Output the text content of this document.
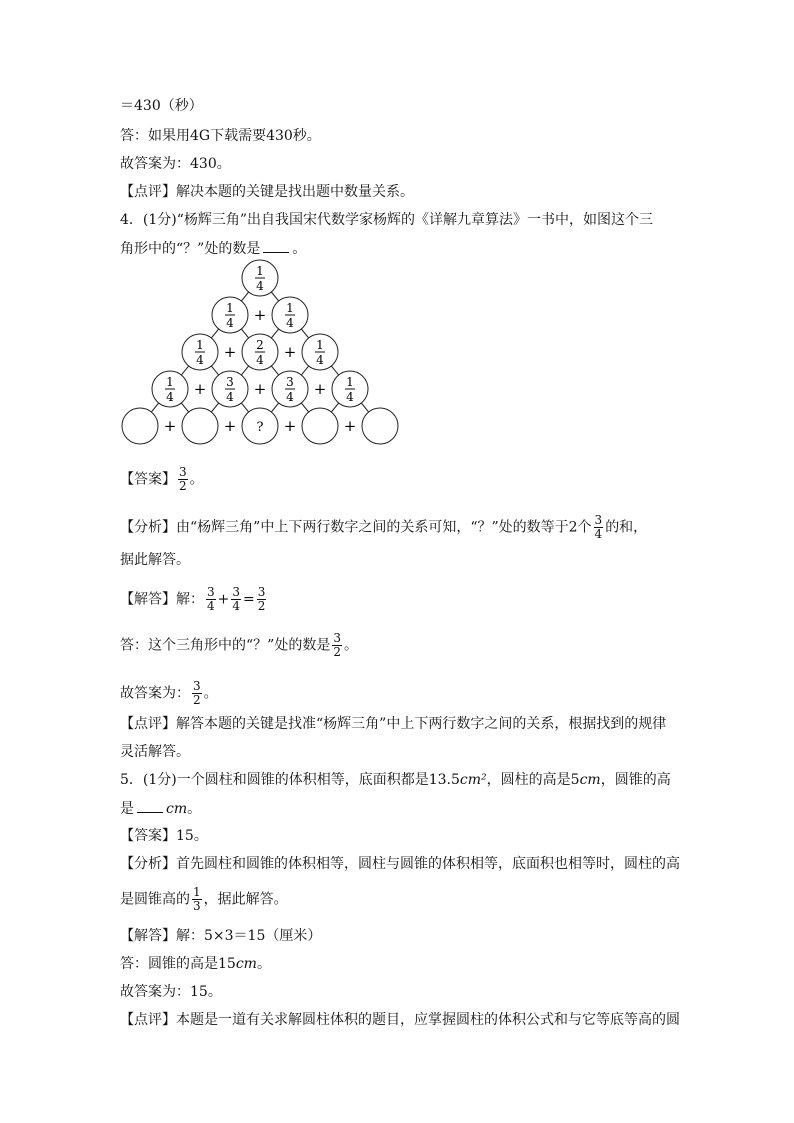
＝430（秒）
答：如果用4G下载需要430秒。
故答案为：430。
【点评】解决本题的关键是找出题中数量关系。
4．(1分)“杨辉三角”出自我国宋代数学家杨辉的《详解九章算法》一书中，如图这个三
角形中的“？”处的数是 。
1
4
1
4 + 1
4
1
4 + 2
4 + 1
4
1
4 + 3
4 + 3
4 + 1
4
+	+ ? +	+
【答案】 $\frac{3}{2}$ 。
【分析】由“杨辉三角”中上下两行数字之间的关系可知，“？”处的数等于2个 $\frac{3}{4}$ 的和，
据此解答。
【解答】解： $\frac{3}{4} + \frac{3}{4} = \frac{3}{2}$
答：这个三角形中的“？”处的数是 $\frac{3}{2}$ 。
故答案为： $\frac{3}{2}$ 。
【点评】解答本题的关键是找准“杨辉三角”中上下两行数字之间的关系，根据找到的规律
灵活解答。
5．(1分)一个圆柱和圆锥的体积相等，底面积都是13.5cm²，圆柱的高是5cm，圆锥的高
是 cm。
【答案】15。
【分析】首先圆柱和圆锥的体积相等，圆柱与圆锥的体积相等，底面积也相等时，圆柱的高
是圆锥高的 $\frac{1}{3}$ ，据此解答。
【解答】解：5×3＝15（厘米）
答：圆锥的高是15cm。
故答案为：15。
【点评】本题是一道有关求解圆柱体积的题目，应掌握圆柱的体积公式和与它等底等高的圆
